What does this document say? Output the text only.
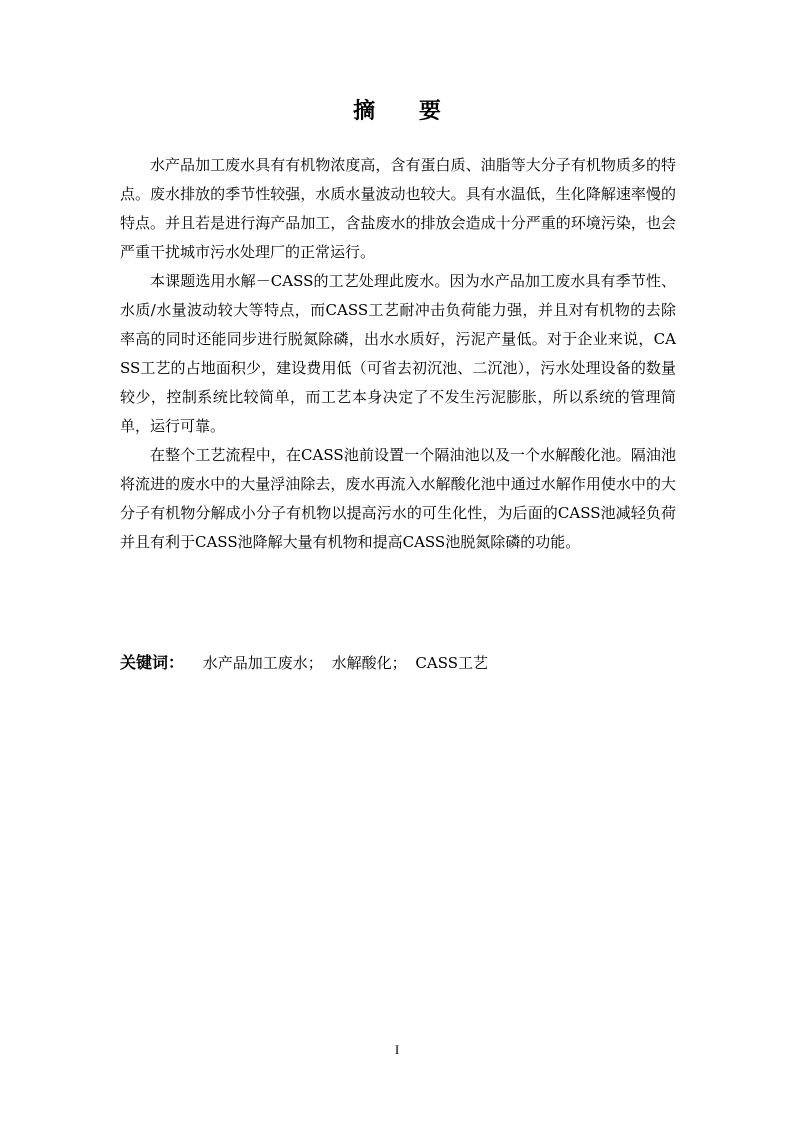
摘 要

水产品加工废水具有有机物浓度高，含有蛋白质、油脂等大分子有机物质多的特点。废水排放的季节性较强，水质水量波动也较大。具有水温低，生化降解速率慢的特点。并且若是进行海产品加工，含盐废水的排放会造成十分严重的环境污染，也会严重干扰城市污水处理厂的正常运行。

本课题选用水解－CASS的工艺处理此废水。因为水产品加工废水具有季节性、水质/水量波动较大等特点，而CASS工艺耐冲击负荷能力强，并且对有机物的去除率高的同时还能同步进行脱氮除磷，出水水质好，污泥产量低。对于企业来说，CASS工艺的占地面积少，建设费用低（可省去初沉池、二沉池），污水处理设备的数量较少，控制系统比较简单，而工艺本身决定了不发生污泥膨胀，所以系统的管理简单，运行可靠。

在整个工艺流程中，在CASS池前设置一个隔油池以及一个水解酸化池。隔油池将流进的废水中的大量浮油除去，废水再流入水解酸化池中通过水解作用使水中的大分子有机物分解成小分子有机物以提高污水的可生化性，为后面的CASS池减轻负荷并且有利于CASS池降解大量有机物和提高CASS池脱氮除磷的功能。

关键词： 水产品加工废水； 水解酸化； CASS工艺
I
